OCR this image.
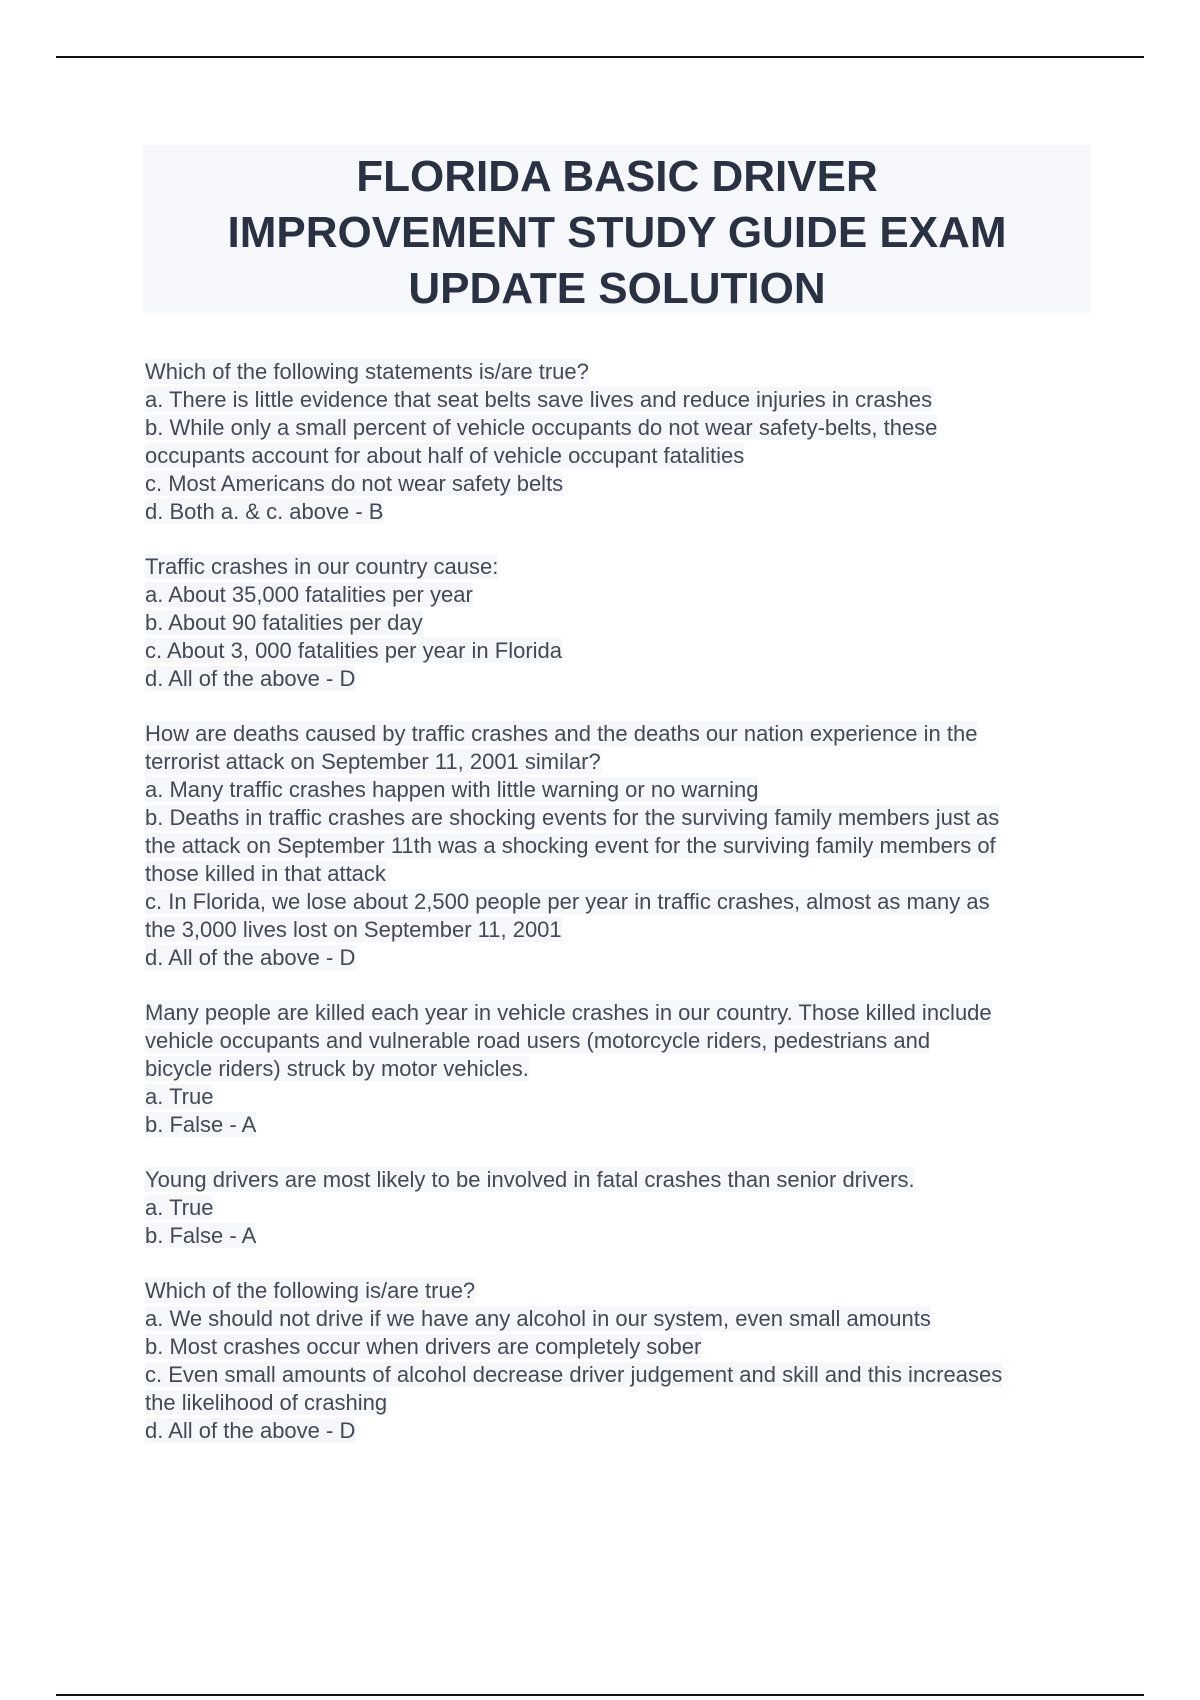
FLORIDA BASIC DRIVER
IMPROVEMENT STUDY GUIDE EXAM
UPDATE SOLUTION
Which of the following statements is/are true?
a. There is little evidence that seat belts save lives and reduce injuries in crashes
b. While only a small percent of vehicle occupants do not wear safety-belts, these
occupants account for about half of vehicle occupant fatalities
c. Most Americans do not wear safety belts
d. Both a. & c. above - B
Traffic crashes in our country cause:
a. About 35,000 fatalities per year
b. About 90 fatalities per day
c. About 3, 000 fatalities per year in Florida
d. All of the above - D
How are deaths caused by traffic crashes and the deaths our nation experience in the
terrorist attack on September 11, 2001 similar?
a. Many traffic crashes happen with little warning or no warning
b. Deaths in traffic crashes are shocking events for the surviving family members just as
the attack on September 11th was a shocking event for the surviving family members of
those killed in that attack
c. In Florida, we lose about 2,500 people per year in traffic crashes, almost as many as
the 3,000 lives lost on September 11, 2001
d. All of the above - D
Many people are killed each year in vehicle crashes in our country. Those killed include
vehicle occupants and vulnerable road users (motorcycle riders, pedestrians and
bicycle riders) struck by motor vehicles.
a. True
b. False - A
Young drivers are most likely to be involved in fatal crashes than senior drivers.
a. True
b. False - A
Which of the following is/are true?
a. We should not drive if we have any alcohol in our system, even small amounts
b. Most crashes occur when drivers are completely sober
c. Even small amounts of alcohol decrease driver judgement and skill and this increases
the likelihood of crashing
d. All of the above - D
